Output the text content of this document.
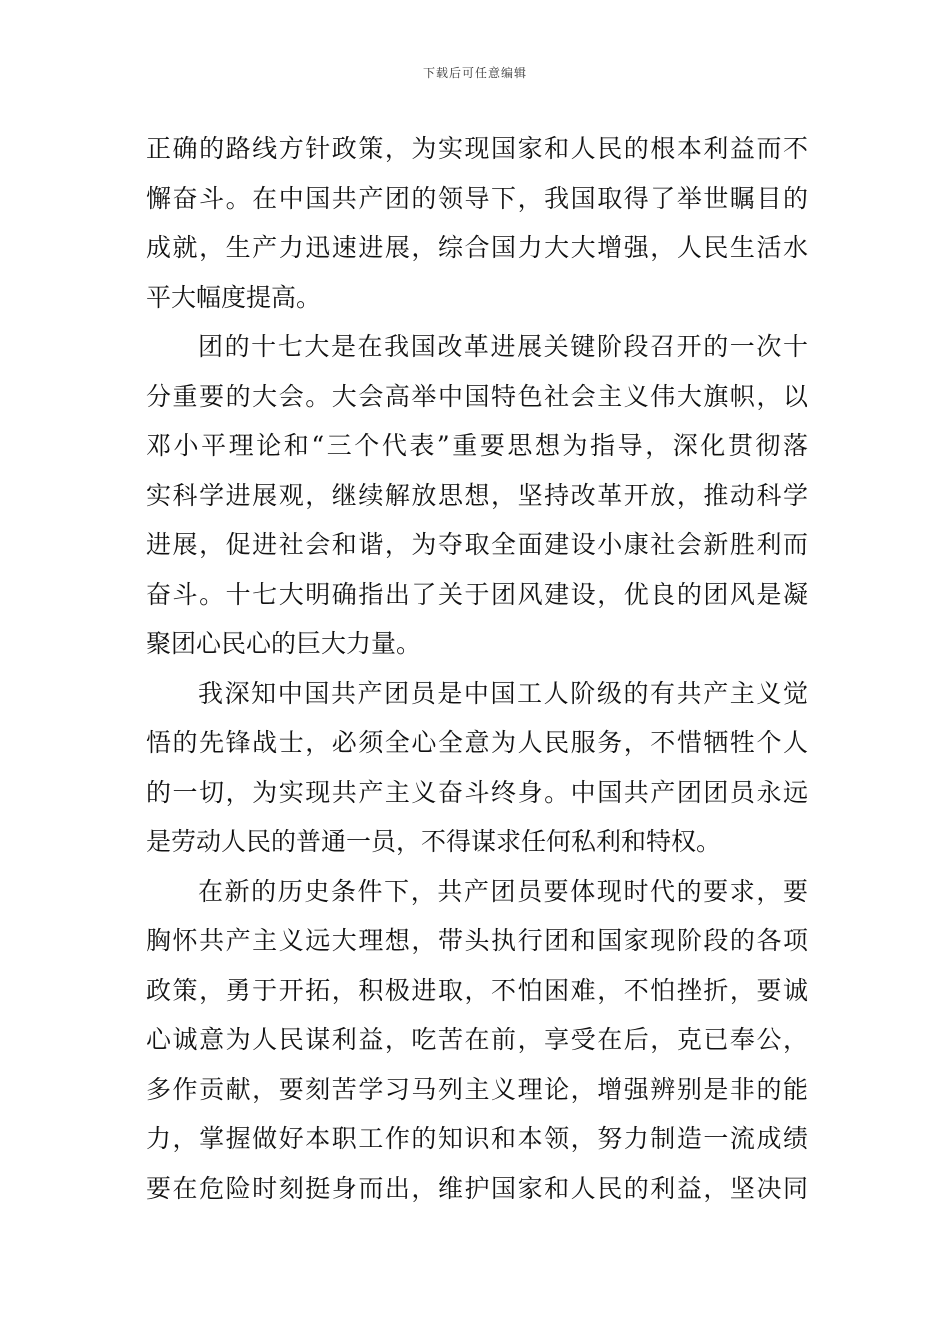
下载后可任意编辑
正确的路线方针政策，为实现国家和人民的根本利益而不
懈奋斗。在中国共产团的领导下，我国取得了举世瞩目的
成就，生产力迅速进展，综合国力大大增强，人民生活水
平大幅度提高。
团的十七大是在我国改革进展关键阶段召开的一次十
分重要的大会。大会高举中国特色社会主义伟大旗帜，以
邓小平理论和“三个代表”重要思想为指导，深化贯彻落
实科学进展观，继续解放思想，坚持改革开放，推动科学
进展，促进社会和谐，为夺取全面建设小康社会新胜利而
奋斗。十七大明确指出了关于团风建设，优良的团风是凝
聚团心民心的巨大力量。
我深知中国共产团员是中国工人阶级的有共产主义觉
悟的先锋战士，必须全心全意为人民服务，不惜牺牲个人
的一切，为实现共产主义奋斗终身。中国共产团团员永远
是劳动人民的普通一员，不得谋求任何私利和特权。
在新的历史条件下，共产团员要体现时代的要求，要
胸怀共产主义远大理想，带头执行团和国家现阶段的各项
政策，勇于开拓，积极进取，不怕困难，不怕挫折，要诚
心诚意为人民谋利益，吃苦在前，享受在后，克已奉公，
多作贡献，要刻苦学习马列主义理论，增强辨别是非的能
力，掌握做好本职工作的知识和本领，努力制造一流成绩
要在危险时刻挺身而出，维护国家和人民的利益，坚决同
